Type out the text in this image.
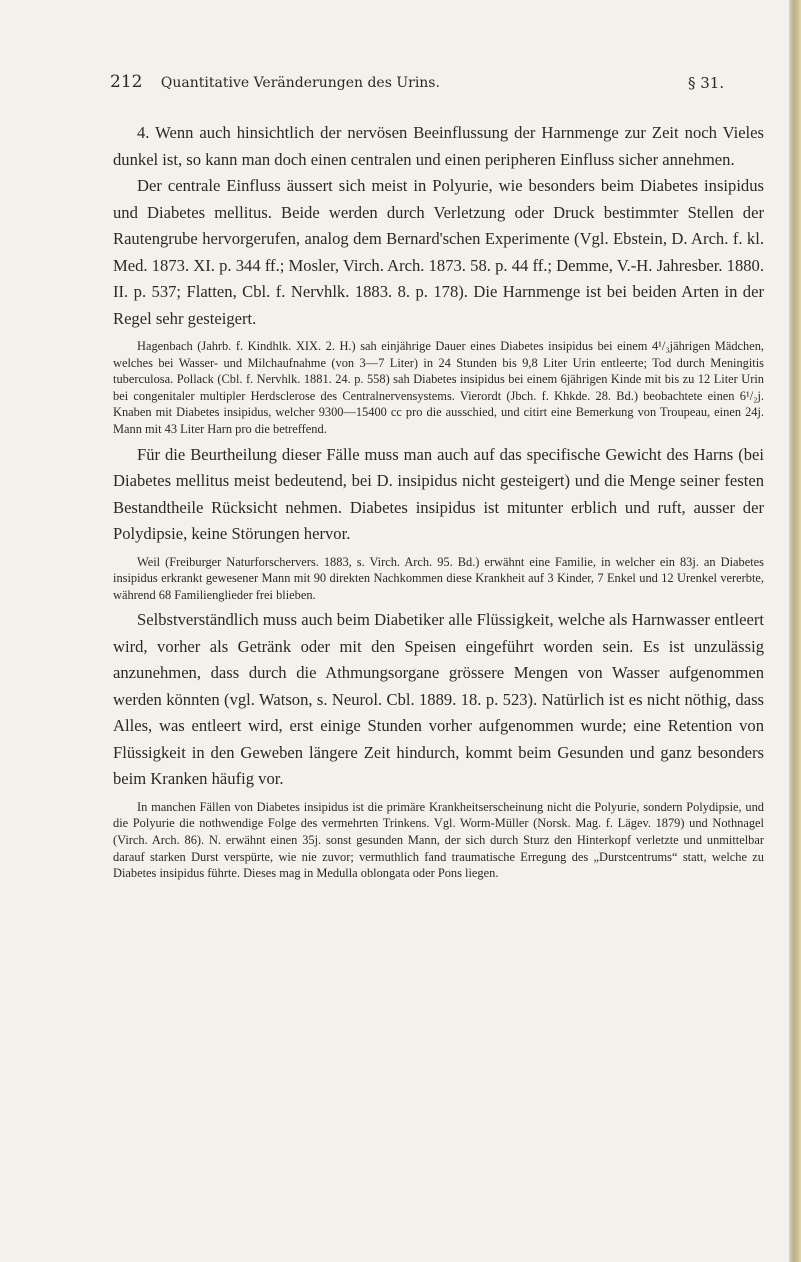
212 Quantitative Veränderungen des Urins.	§ 31.

4. Wenn auch hinsichtlich der nervösen Beeinflussung der Harnmenge zur Zeit noch Vieles dunkel ist, so kann man doch einen centralen und einen peripheren Einfluss sicher annehmen.

Der centrale Einfluss äussert sich meist in Polyurie, wie besonders beim Diabetes insipidus und Diabetes mellitus. Beide werden durch Verletzung oder Druck bestimmter Stellen der Rautengrube hervorgerufen, analog dem Bernard'schen Experimente (Vgl. Ebstein, D. Arch. f. kl. Med. 1873. XI. p. 344 ff.; Mosler, Virch. Arch. 1873. 58. p. 44 ff.; Demme, V.-H. Jahresber. 1880. II. p. 537; Flatten, Cbl. f. Nervhlk. 1883. 8. p. 178). Die Harnmenge ist bei beiden Arten in der Regel sehr gesteigert.

Hagenbach (Jahrb. f. Kindhlk. XIX. 2. H.) sah einjährige Dauer eines Diabetes insipidus bei einem 4¹/₃jährigen Mädchen, welches bei Wasser- und Milchaufnahme (von 3—7 Liter) in 24 Stunden bis 9,8 Liter Urin entleerte; Tod durch Meningitis tuberculosa. Pollack (Cbl. f. Nervhlk. 1881. 24. p. 558) sah Diabetes insipidus bei einem 6jährigen Kinde mit bis zu 12 Liter Urin bei congenitaler multipler Herdsclerose des Centralnervensystems. Vierordt (Jbch. f. Khkde. 28. Bd.) beobachtete einen 6¹/₂j. Knaben mit Diabetes insipidus, welcher 9300—15400 cc pro die ausschied, und citirt eine Bemerkung von Troupeau, einen 24j. Mann mit 43 Liter Harn pro die betreffend.

Für die Beurtheilung dieser Fälle muss man auch auf das specifische Gewicht des Harns (bei Diabetes mellitus meist bedeutend, bei D. insipidus nicht gesteigert) und die Menge seiner festen Bestandtheile Rücksicht nehmen. Diabetes insipidus ist mitunter erblich und ruft, ausser der Polydipsie, keine Störungen hervor.

Weil (Freiburger Naturforschervers. 1883, s. Virch. Arch. 95. Bd.) erwähnt eine Familie, in welcher ein 83j. an Diabetes insipidus erkrankt gewesener Mann mit 90 direkten Nachkommen diese Krankheit auf 3 Kinder, 7 Enkel und 12 Urenkel vererbte, während 68 Familienglieder frei blieben.

Selbstverständlich muss auch beim Diabetiker alle Flüssigkeit, welche als Harnwasser entleert wird, vorher als Getränk oder mit den Speisen eingeführt worden sein. Es ist unzulässig anzunehmen, dass durch die Athmungsorgane grössere Mengen von Wasser aufgenommen werden könnten (vgl. Watson, s. Neurol. Cbl. 1889. 18. p. 523). Natürlich ist es nicht nöthig, dass Alles, was entleert wird, erst einige Stunden vorher aufgenommen wurde; eine Retention von Flüssigkeit in den Geweben längere Zeit hindurch, kommt beim Gesunden und ganz besonders beim Kranken häufig vor.

In manchen Fällen von Diabetes insipidus ist die primäre Krankheitserscheinung nicht die Polyurie, sondern Polydipsie, und die Polyurie die nothwendige Folge des vermehrten Trinkens. Vgl. Worm-Müller (Norsk. Mag. f. Lägev. 1879) und Nothnagel (Virch. Arch. 86). N. erwähnt einen 35j. sonst gesunden Mann, der sich durch Sturz den Hinterkopf verletzte und unmittelbar darauf starken Durst verspürte, wie nie zuvor; vermuthlich fand traumatische Erregung des „Durstcentrums“ statt, welche zu Diabetes insipidus führte. Dieses mag in Medulla oblongata oder Pons liegen.
